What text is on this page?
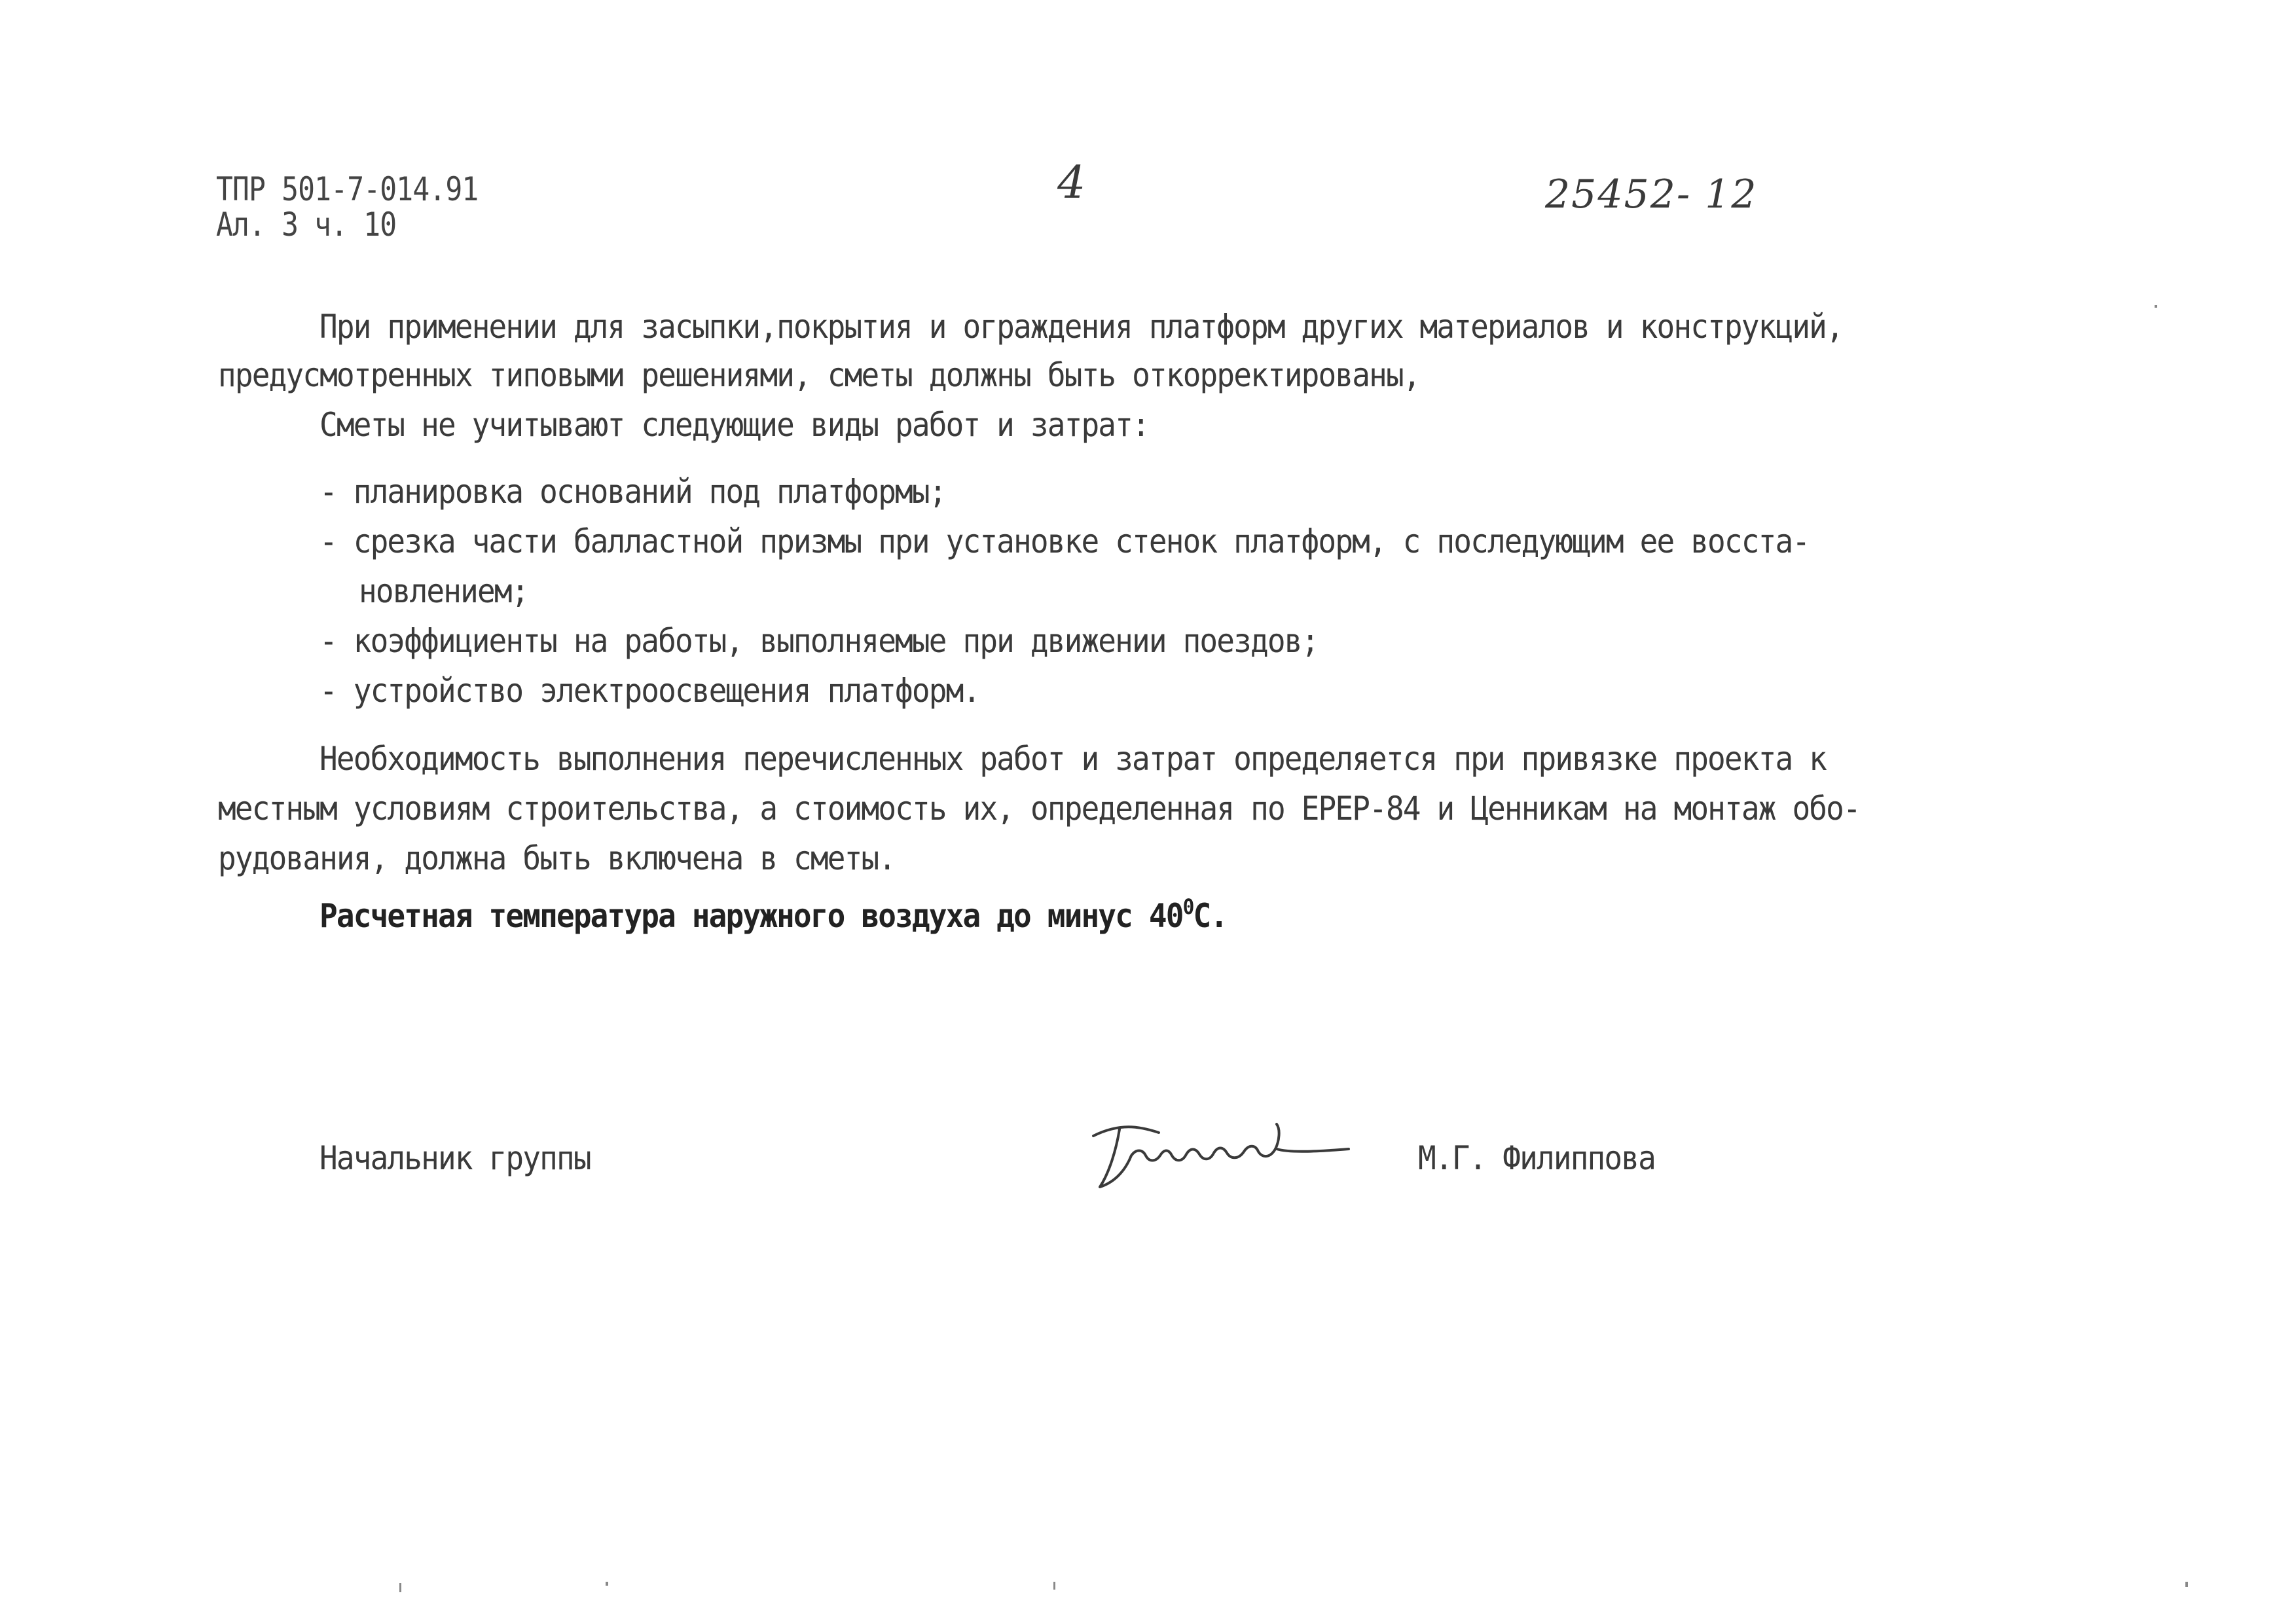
ТПР 501-7-014.91
Ал. 3 ч. 10
4	25452- 12
При применении для засыпки,покрытия и ограждения платформ других материалов и конструкций,
предусмотренных типовыми решениями, сметы должны быть откорректированы,
Сметы не учитывают следующие виды работ и затрат:
- планировка оснований под платформы;
- срезка части балластной призмы при установке стенок платформ, с последующим ее восста-
новлением;
- коэффициенты на работы, выполняемые при движении поездов;
- устройство электроосвещения платформ.
Необходимость выполнения перечисленных работ и затрат определяется при привязке проекта к
местным условиям строительства, а стоимость их, определенная по ЕРЕР-84 и Ценникам на монтаж обо-
рудования, должна быть включена в сметы.
Расчетная температура наружного воздуха до минус $40^0С$.
Начальник группы	М.Г. Филиппова
